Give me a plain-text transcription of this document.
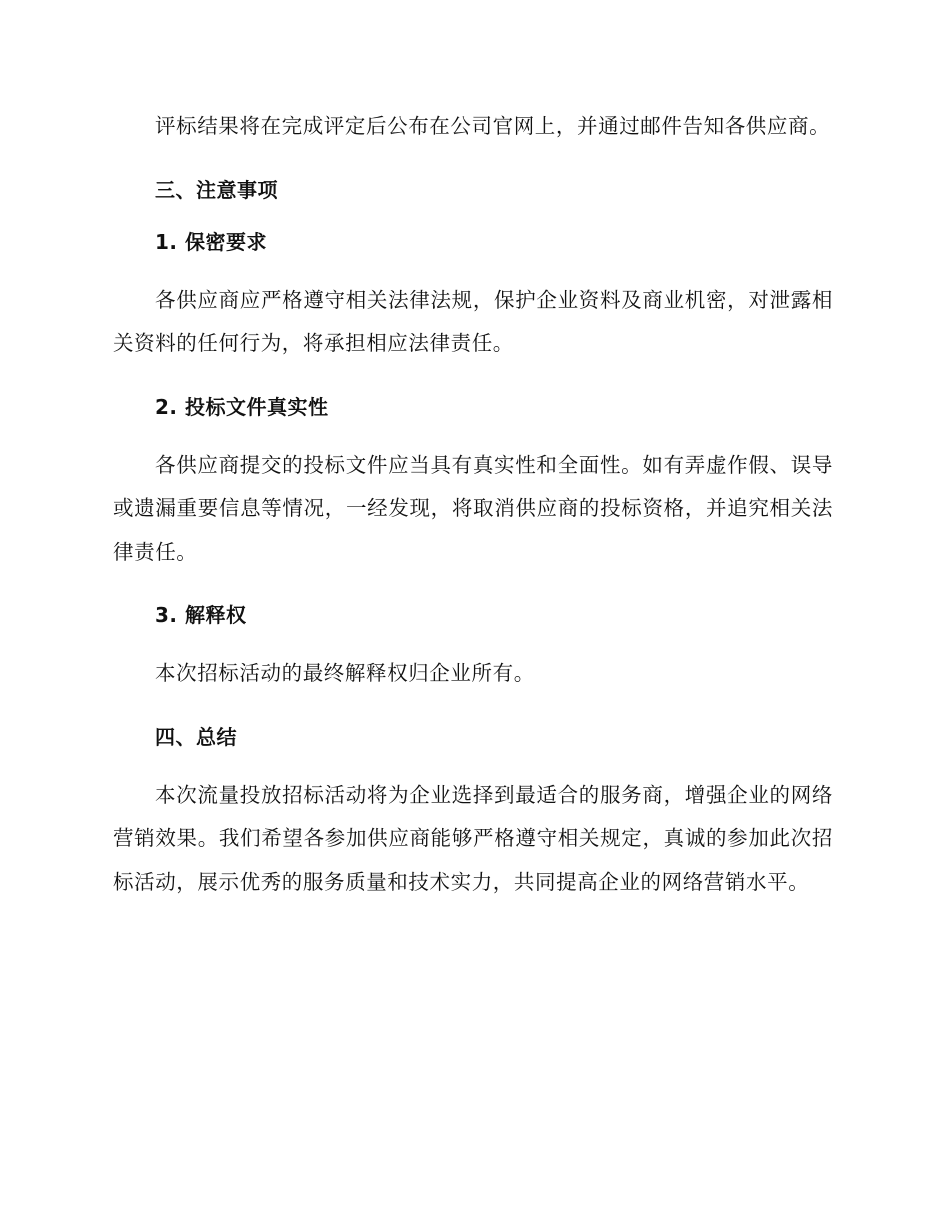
评标结果将在完成评定后公布在公司官网上，并通过邮件告知各供应商。

三、注意事项
1. 保密要求

各供应商应严格遵守相关法律法规，保护企业资料及商业机密，对泄露相关资料的任何行为，将承担相应法律责任。

2. 投标文件真实性

各供应商提交的投标文件应当具有真实性和全面性。如有弄虚作假、误导或遗漏重要信息等情况，一经发现，将取消供应商的投标资格，并追究相关法律责任。

3. 解释权

本次招标活动的最终解释权归企业所有。

四、总结

本次流量投放招标活动将为企业选择到最适合的服务商，增强企业的网络营销效果。我们希望各参加供应商能够严格遵守相关规定，真诚的参加此次招标活动，展示优秀的服务质量和技术实力，共同提高企业的网络营销水平。
